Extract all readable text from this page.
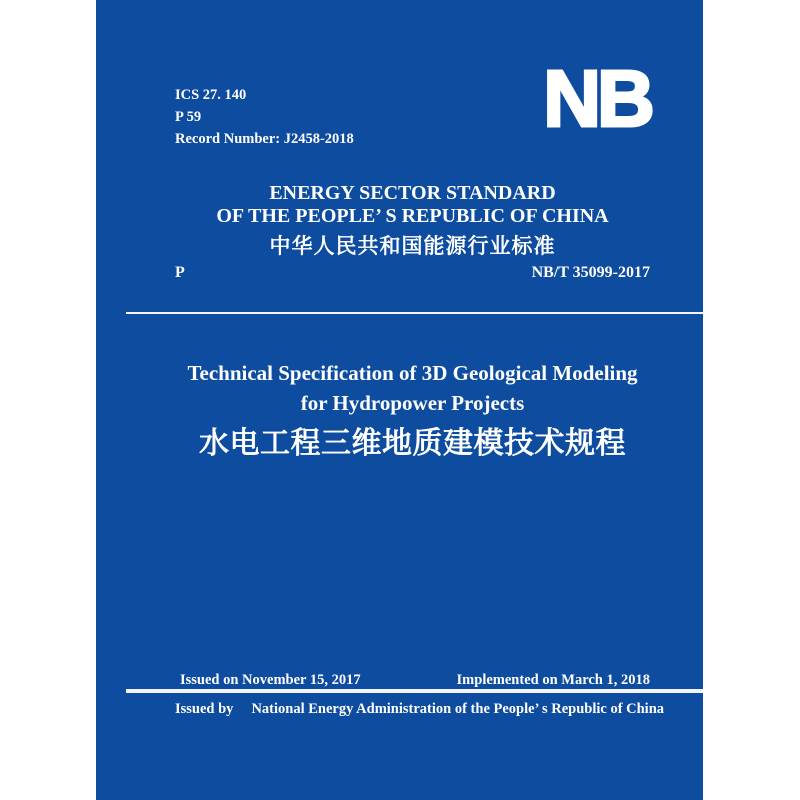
ICS 27. 140
P 59
Record Number: J2458-2018 NB
ENERGY SECTOR STANDARD
OF THE PEOPLE’ S REPUBLIC OF CHINA
中华人民共和国能源行业标准
P	NB/T 35099-2017
Technical Specification of 3D Geological Modeling
for Hydropower Projects
水电工程三维地质建模技术规程
Issued on November 15, 2017	Implemented on March 1, 2018
Issued by National Energy Administration of the People’ s Republic of China
